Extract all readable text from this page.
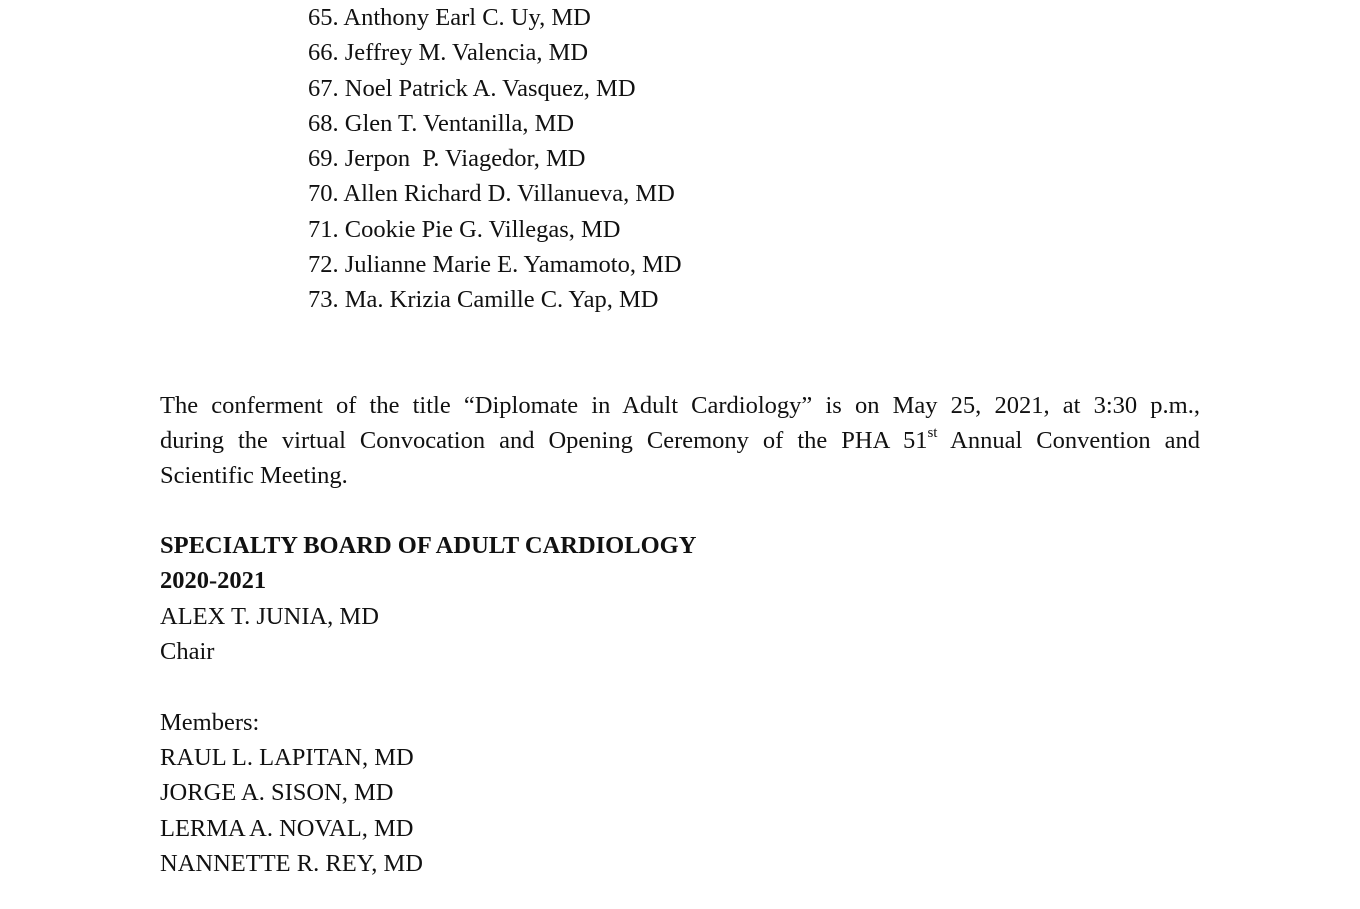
65. Anthony Earl C. Uy, MD
66. Jeffrey M. Valencia, MD
67. Noel Patrick A. Vasquez, MD
68. Glen T. Ventanilla, MD
69. Jerpon  P. Viagedor, MD
70. Allen Richard D. Villanueva, MD
71. Cookie Pie G. Villegas, MD
72. Julianne Marie E. Yamamoto, MD
73. Ma. Krizia Camille C. Yap, MD
The conferment of the title “Diplomate in Adult Cardiology” is on May 25, 2021, at 3:30 p.m.,
during the virtual Convocation and Opening Ceremony of the PHA 51st Annual Convention and
Scientific Meeting.
SPECIALTY BOARD OF ADULT CARDIOLOGY
2020-2021
ALEX T. JUNIA, MD
Chair
Members:
RAUL L. LAPITAN, MD
JORGE A. SISON, MD
LERMA A. NOVAL, MD
NANNETTE R. REY, MD
